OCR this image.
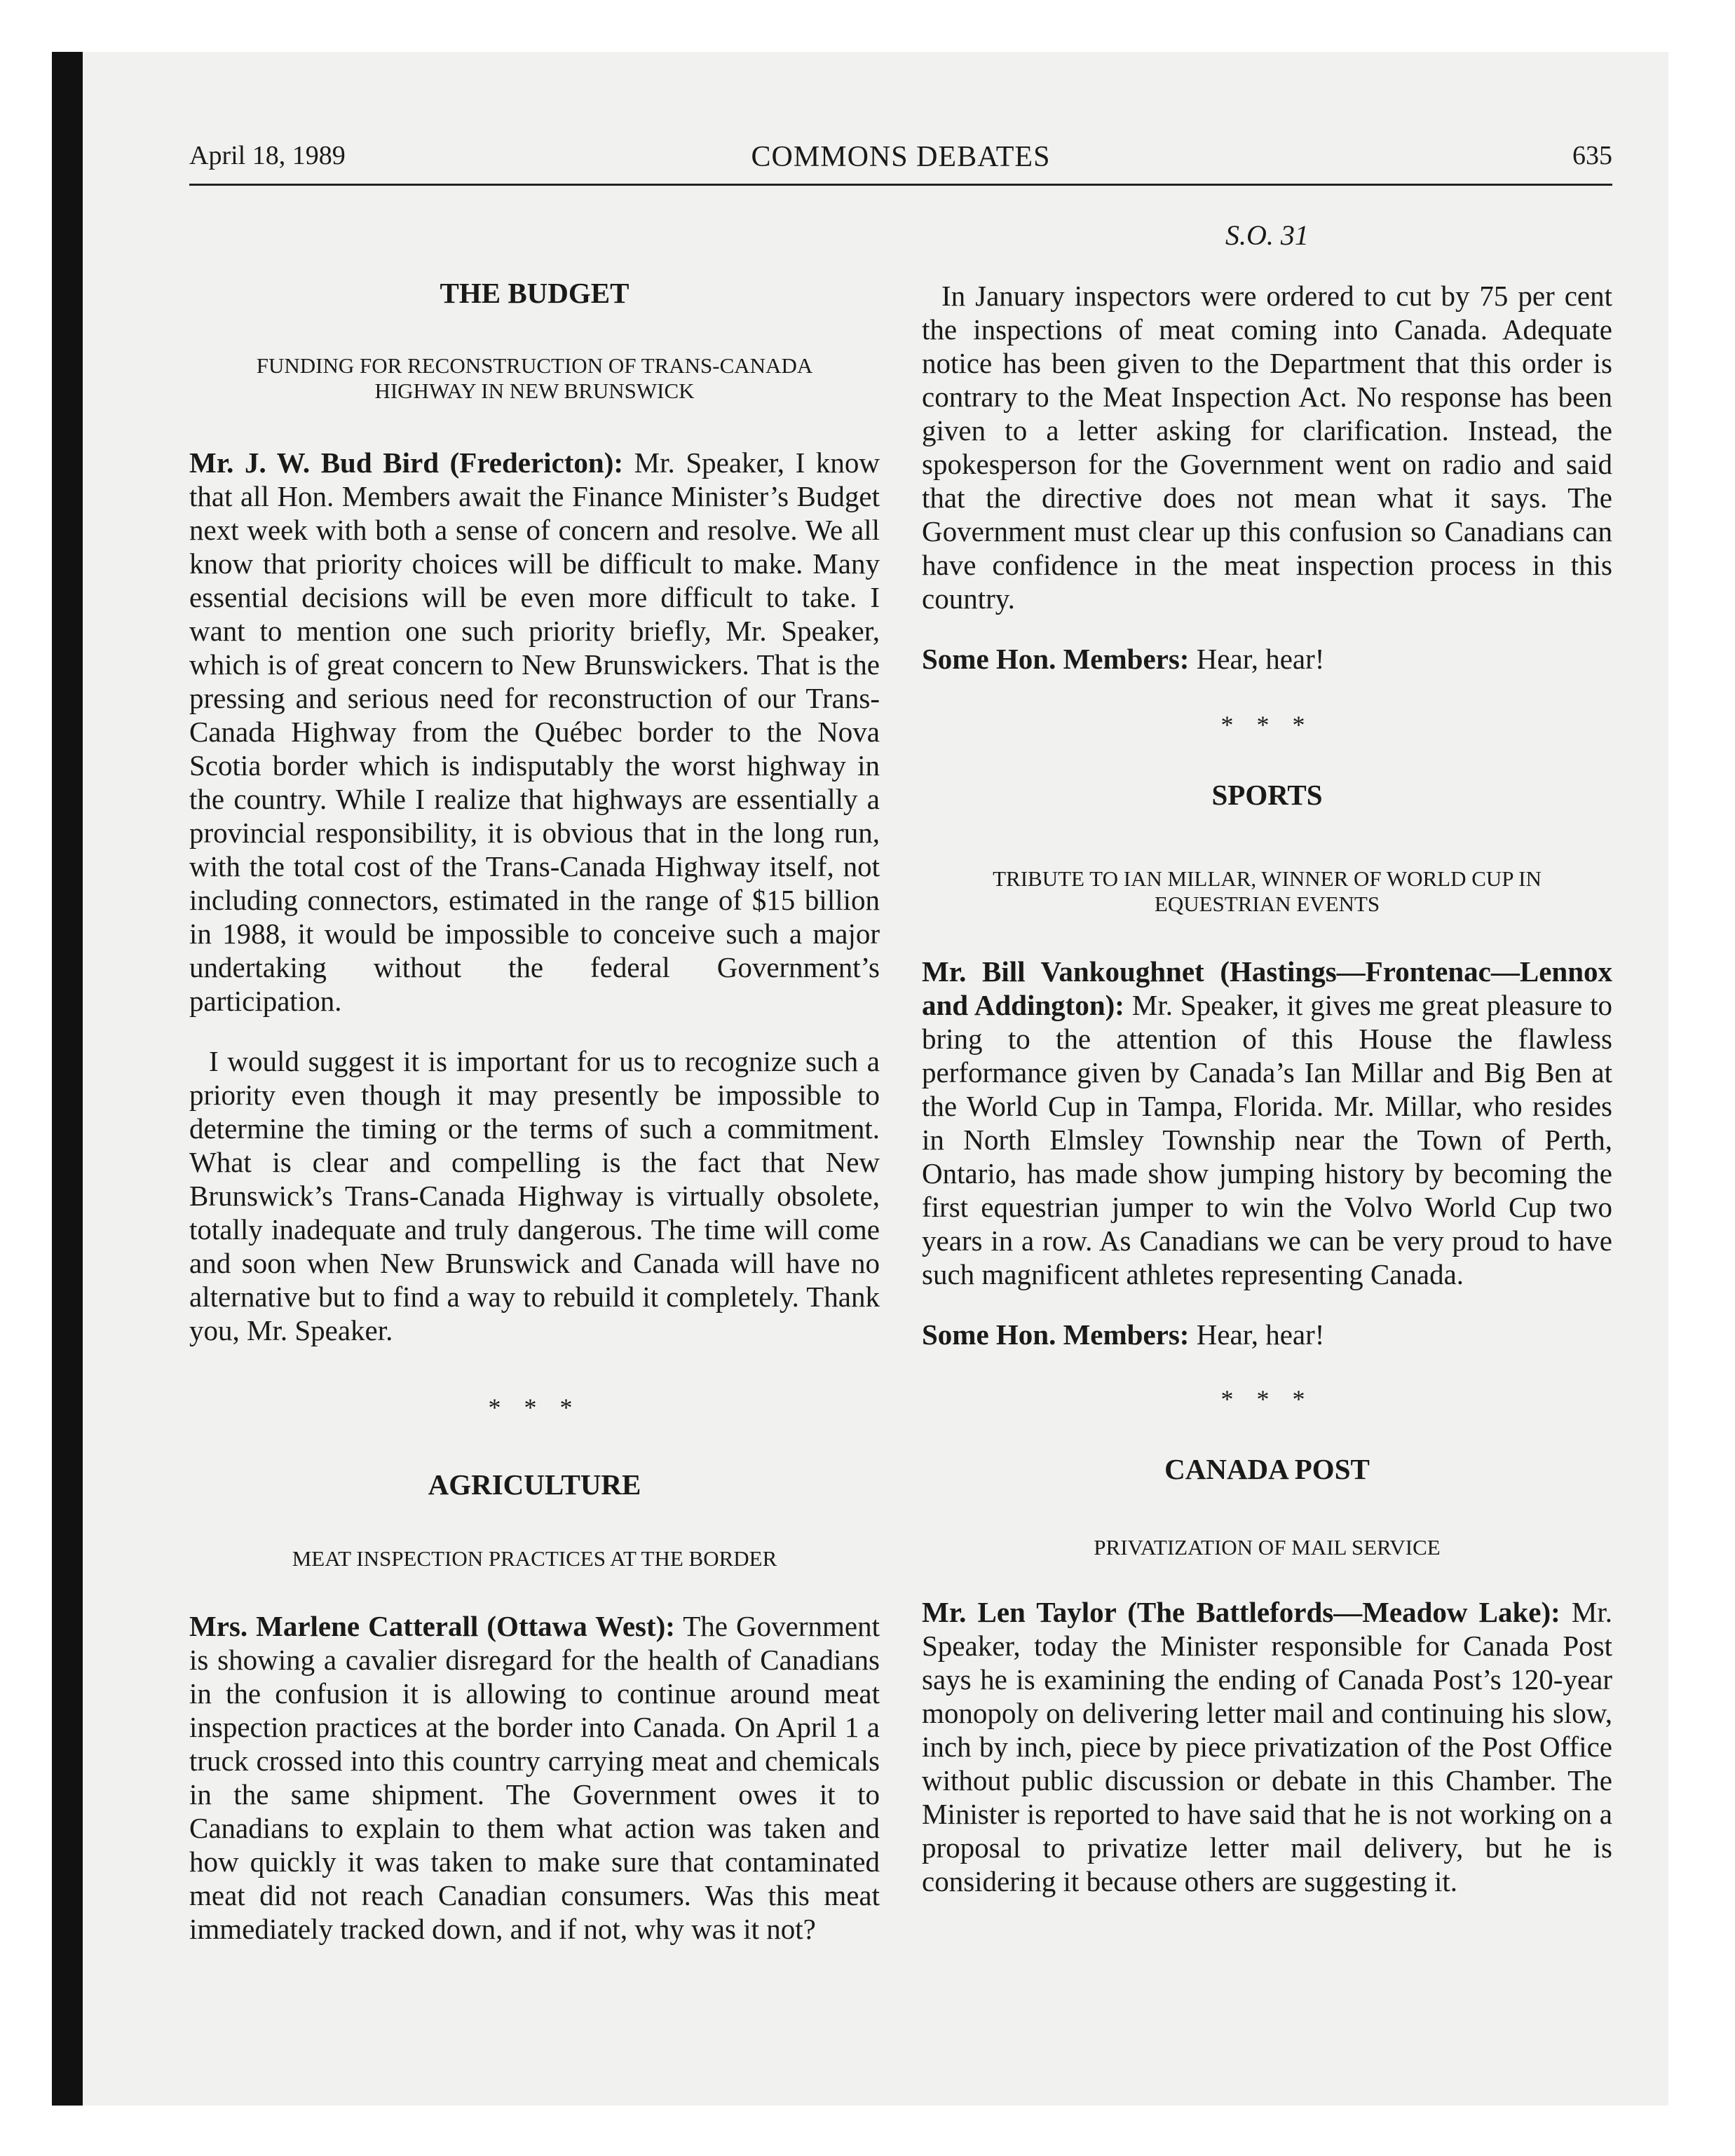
April 18, 1989	COMMONS DEBATES	635
S.O. 31
THE BUDGET
FUNDING FOR RECONSTRUCTION OF TRANS-CANADA HIGHWAY IN NEW BRUNSWICK

Mr. J. W. Bud Bird (Fredericton): Mr. Speaker, I know that all Hon. Members await the Finance Minister’s Budget next week with both a sense of concern and resolve. We all know that priority choices will be difficult to make. Many essential decisions will be even more difficult to take. I want to mention one such priority briefly, Mr. Speaker, which is of great concern to New Brunswickers. That is the pressing and serious need for reconstruction of our Trans-Canada Highway from the Québec border to the Nova Scotia border which is indisputably the worst highway in the country. While I realize that highways are essentially a provincial responsibility, it is obvious that in the long run, with the total cost of the Trans-Canada Highway itself, not including connectors, estimated in the range of $15 billion in 1988, it would be impossible to conceive such a major undertaking without the federal Government’s participation.

I would suggest it is important for us to recognize such a priority even though it may presently be impossible to determine the timing or the terms of such a commitment. What is clear and compelling is the fact that New Brunswick’s Trans-Canada Highway is virtually obsolete, totally inadequate and truly dangerous. The time will come and soon when New Brunswick and Canada will have no alternative but to find a way to rebuild it completely. Thank you, Mr. Speaker.

* * *

AGRICULTURE
MEAT INSPECTION PRACTICES AT THE BORDER

Mrs. Marlene Catterall (Ottawa West): The Government is showing a cavalier disregard for the health of Canadians in the confusion it is allowing to continue around meat inspection practices at the border into Canada. On April 1 a truck crossed into this country carrying meat and chemicals in the same shipment. The Government owes it to Canadians to explain to them what action was taken and how quickly it was taken to make sure that contaminated meat did not reach Canadian consumers. Was this meat immediately tracked down, and if not, why was it not?

In January inspectors were ordered to cut by 75 per cent the inspections of meat coming into Canada. Adequate notice has been given to the Department that this order is contrary to the Meat Inspection Act. No response has been given to a letter asking for clarification. Instead, the spokesperson for the Government went on radio and said that the directive does not mean what it says. The Government must clear up this confusion so Canadians can have confidence in the meat inspection process in this country.

Some Hon. Members: Hear, hear!

* * *

SPORTS
TRIBUTE TO IAN MILLAR, WINNER OF WORLD CUP IN EQUESTRIAN EVENTS

Mr. Bill Vankoughnet (Hastings—Frontenac—Lennox and Addington): Mr. Speaker, it gives me great pleasure to bring to the attention of this House the flawless performance given by Canada’s Ian Millar and Big Ben at the World Cup in Tampa, Florida. Mr. Millar, who resides in North Elmsley Township near the Town of Perth, Ontario, has made show jumping history by becoming the first equestrian jumper to win the Volvo World Cup two years in a row. As Canadians we can be very proud to have such magnificent athletes representing Canada.

Some Hon. Members: Hear, hear!

* * *

CANADA POST
PRIVATIZATION OF MAIL SERVICE

Mr. Len Taylor (The Battlefords—Meadow Lake): Mr. Speaker, today the Minister responsible for Canada Post says he is examining the ending of Canada Post’s 120-year monopoly on delivering letter mail and continuing his slow, inch by inch, piece by piece privatization of the Post Office without public discussion or debate in this Chamber. The Minister is reported to have said that he is not working on a proposal to privatize letter mail delivery, but he is considering it because others are suggesting it.
